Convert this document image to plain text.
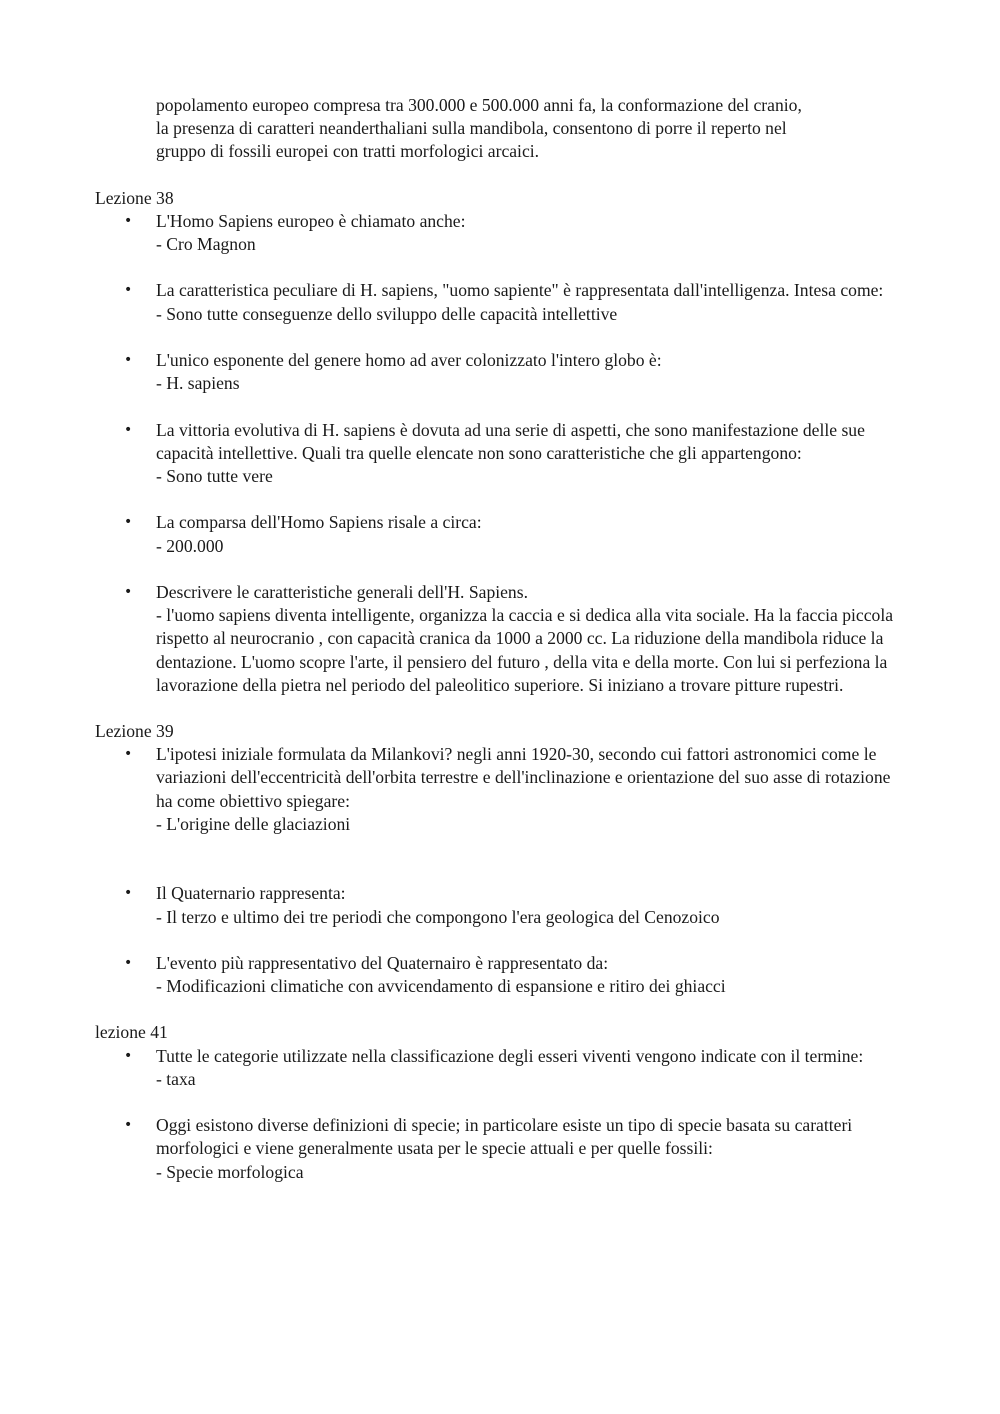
popolamento europeo compresa tra 300.000 e 500.000 anni fa, la conformazione del cranio,

la presenza di caratteri neanderthaliani sulla mandibola, consentono di porre il reperto nel

gruppo di fossili europei con tratti morfologici arcaici.

Lezione 38

• L'Homo Sapiens europeo è chiamato anche:
- Cro Magnon
• La caratteristica peculiare di H. sapiens, "uomo sapiente" è rappresentata dall'intelligenza. Intesa come:
- Sono tutte conseguenze dello sviluppo delle capacità intellettive
• L'unico esponente del genere homo ad aver colonizzato l'intero globo è:
- H. sapiens
• La vittoria evolutiva di H. sapiens è dovuta ad una serie di aspetti, che sono manifestazione delle sue capacità intellettive. Quali tra quelle elencate non sono caratteristiche che gli appartengono:
- Sono tutte vere
• La comparsa dell'Homo Sapiens risale a circa:
- 200.000
• Descrivere le caratteristiche generali dell'H. Sapiens.
- l'uomo sapiens diventa intelligente, organizza la caccia e si dedica alla vita sociale. Ha la faccia piccola rispetto al neurocranio , con capacità cranica da 1000 a 2000 cc. La riduzione della mandibola riduce la dentazione. L'uomo scopre l'arte, il pensiero del futuro , della vita e della morte. Con lui si perfeziona la lavorazione della pietra nel periodo del paleolitico superiore. Si iniziano a trovare pitture rupestri.

Lezione 39

• L'ipotesi iniziale formulata da Milankovi? negli anni 1920-30, secondo cui fattori astronomici come le variazioni dell'eccentricità dell'orbita terrestre e dell'inclinazione e orientazione del suo asse di rotazione ha come obiettivo spiegare:
- L'origine delle glaciazioni
• Il Quaternario rappresenta:
- Il terzo e ultimo dei tre periodi che compongono l'era geologica del Cenozoico
• L'evento più rappresentativo del Quaternairo è rappresentato da:
- Modificazioni climatiche con avvicendamento di espansione e ritiro dei ghiacci

lezione 41

• Tutte le categorie utilizzate nella classificazione degli esseri viventi vengono indicate con il termine:
- taxa
• Oggi esistono diverse definizioni di specie; in particolare esiste un tipo di specie basata su caratteri morfologici e viene generalmente usata per le specie attuali e per quelle fossili:
- Specie morfologica
